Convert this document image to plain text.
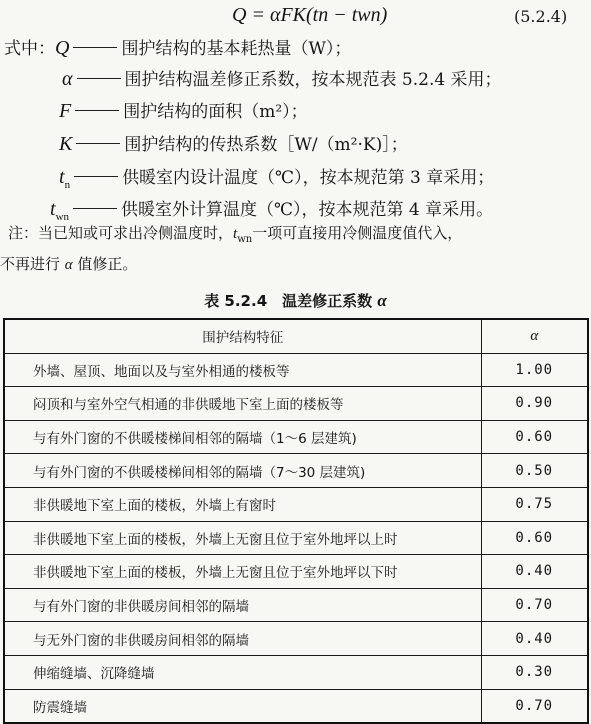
Q = αFK(tn − twn)	(5.2.4)
式中： Q	围护结构的基本耗热量（W）；
α	围护结构温差修正系数，按本规范表 5.2.4 采用；
F	围护结构的面积（m²）；
K	围护结构的传热系数［W/（m²·K)］；
$t_n$	供暖室内设计温度（℃），按本规范第 3 章采用；
$t_{wn}$	供暖室外计算温度（℃），按本规范第 4 章采用。
注：当已知或可求出冷侧温度时，$t_{wn}$一项可直接用冷侧温度值代入，
不再进行 α 值修正。
表 5.2.4　温差修正系数 α
围护结构特征	α
外墙、屋顶、地面以及与室外相通的楼板等	1.00
闷顶和与室外空气相通的非供暖地下室上面的楼板等	0.90
与有外门窗的不供暖楼梯间相邻的隔墙（1～6 层建筑)	0.60
与有外门窗的不供暖楼梯间相邻的隔墙（7～30 层建筑)	0.50
非供暖地下室上面的楼板，外墙上有窗时	0.75
非供暖地下室上面的楼板，外墙上无窗且位于室外地坪以上时	0.60
非供暖地下室上面的楼板，外墙上无窗且位于室外地坪以下时	0.40
与有外门窗的非供暖房间相邻的隔墙	0.70
与无外门窗的非供暖房间相邻的隔墙	0.40
伸缩缝墙、沉降缝墙	0.30
防震缝墙	0.70
